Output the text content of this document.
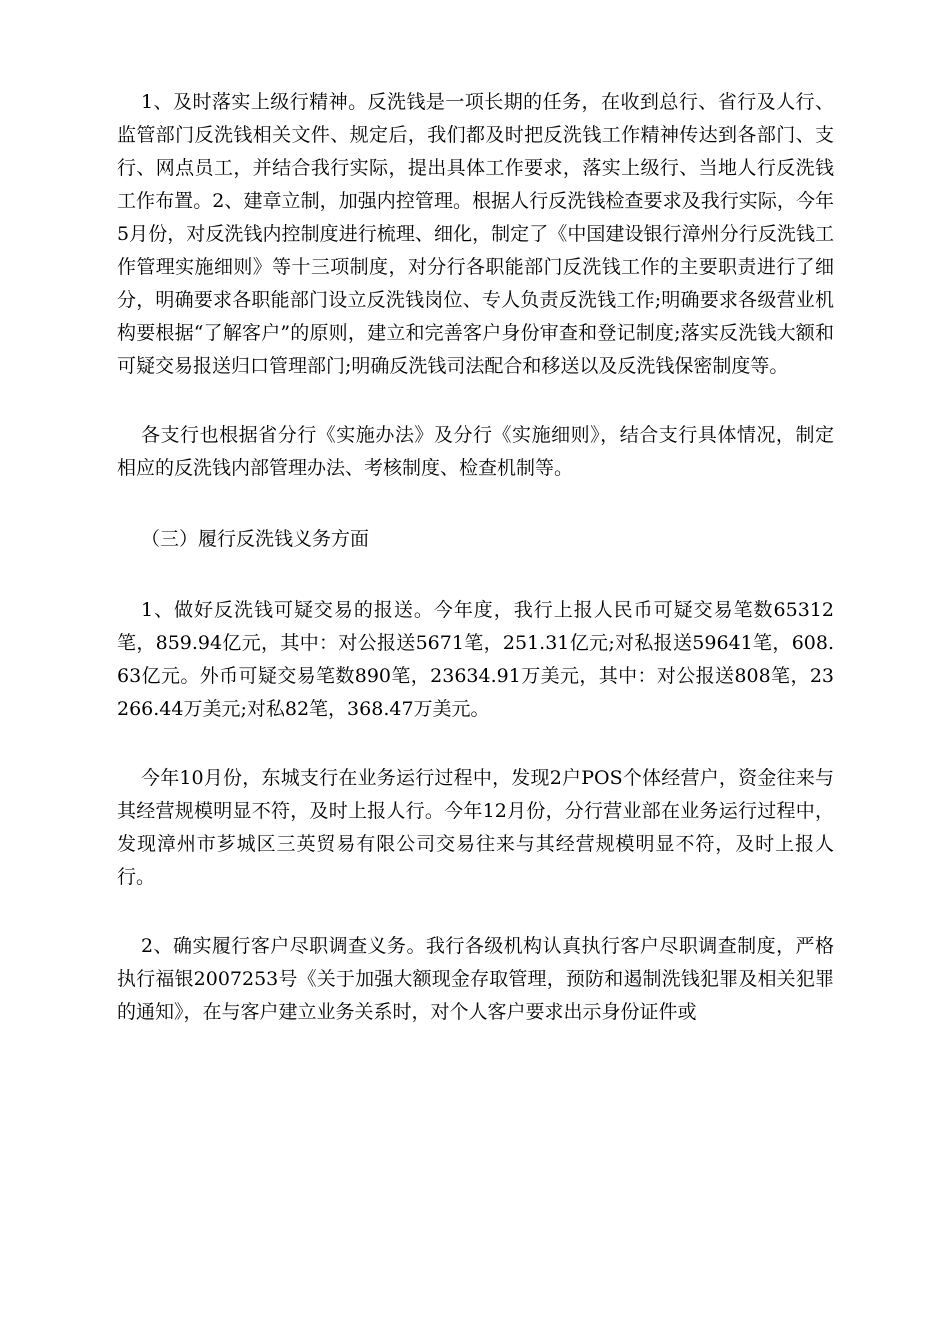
1、及时落实上级行精神。反洗钱是一项长期的任务，在收到总行、省行及人行、监管部门反洗钱相关文件、规定后，我们都及时把反洗钱工作精神传达到各部门、支行、网点员工，并结合我行实际，提出具体工作要求，落实上级行、当地人行反洗钱工作布置。2、建章立制，加强内控管理。根据人行反洗钱检查要求及我行实际，今年5月份，对反洗钱内控制度进行梳理、细化，制定了《中国建设银行漳州分行反洗钱工作管理实施细则》等十三项制度，对分行各职能部门反洗钱工作的主要职责进行了细分，明确要求各职能部门设立反洗钱岗位、专人负责反洗钱工作;明确要求各级营业机构要根据“了解客户”的原则，建立和完善客户身份审查和登记制度;落实反洗钱大额和可疑交易报送归口管理部门;明确反洗钱司法配合和移送以及反洗钱保密制度等。

各支行也根据省分行《实施办法》及分行《实施细则》，结合支行具体情况，制定相应的反洗钱内部管理办法、考核制度、检查机制等。

（三）履行反洗钱义务方面

1、做好反洗钱可疑交易的报送。今年度，我行上报人民币可疑交易笔数65312笔，859.94亿元，其中：对公报送5671笔，251.31亿元;对私报送59641笔，608.63亿元。外币可疑交易笔数890笔，23634.91万美元，其中：对公报送808笔，23266.44万美元;对私82笔，368.47万美元。

今年10月份，东城支行在业务运行过程中，发现2户POS个体经营户，资金往来与其经营规模明显不符，及时上报人行。今年12月份，分行营业部在业务运行过程中，发现漳州市芗城区三英贸易有限公司交易往来与其经营规模明显不符，及时上报人行。

2、确实履行客户尽职调查义务。我行各级机构认真执行客户尽职调查制度，严格执行福银2007253号《关于加强大额现金存取管理，预防和遏制洗钱犯罪及相关犯罪的通知》，在与客户建立业务关系时，对个人客户要求出示身份证件或
